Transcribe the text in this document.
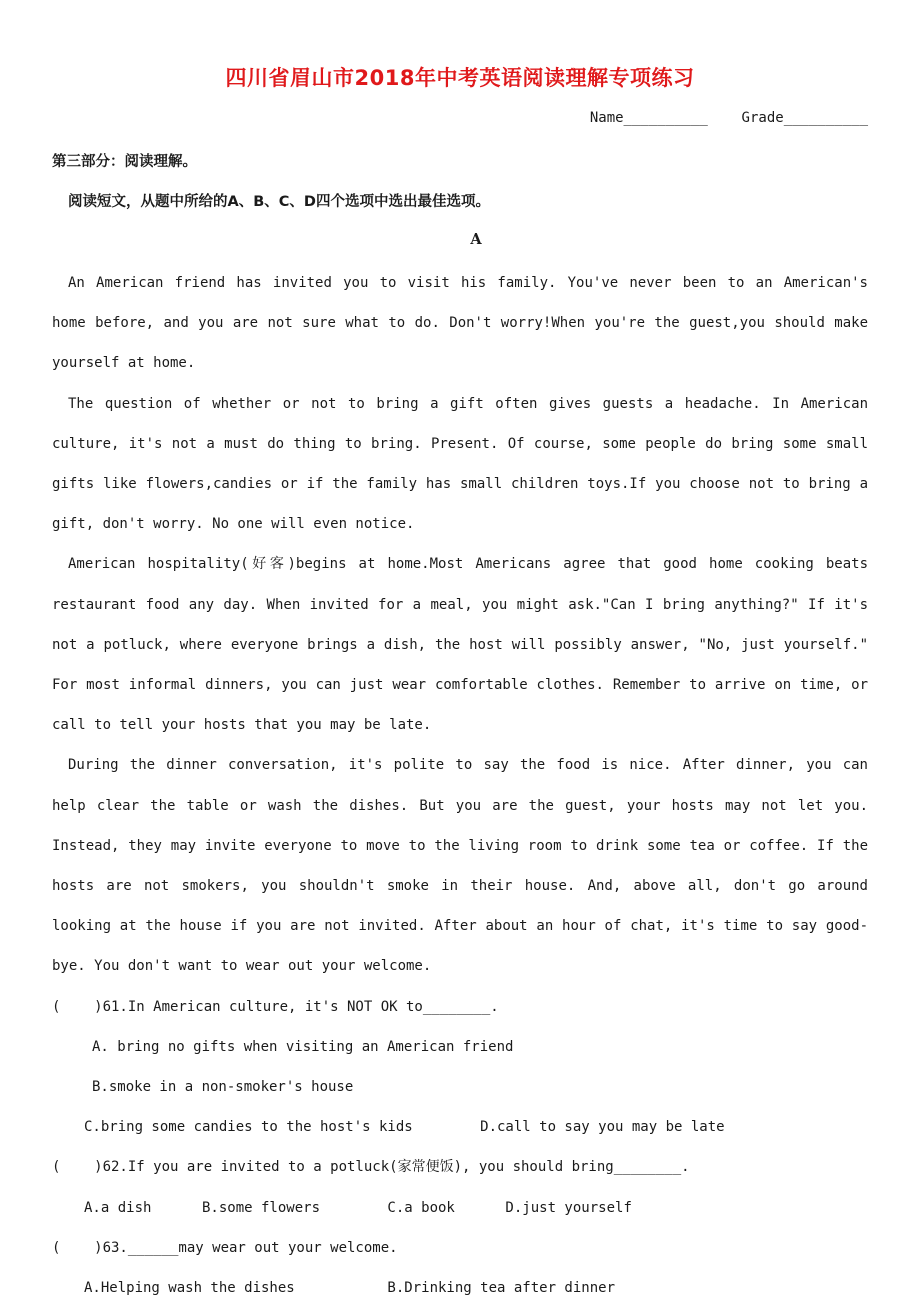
四川省眉山市2018年中考英语阅读理解专项练习
Name__________    Grade__________
第三部分：阅读理解。
阅读短文，从题中所给的A、B、C、D四个选项中选出最佳选项。
A

An American friend has invited you to visit his family. You've never been to an American's home before, and you are not sure what to do. Don't worry!When you're the guest,you should make yourself at home.

The question of whether or not to bring a gift often gives guests a headache. In American culture, it's not a must do thing to bring. Present. Of course, some people do bring some small gifts like flowers,candies or if the family has small children toys.If you choose not to bring a gift, don't worry. No one will even notice.

American hospitality(好客)begins at home.Most Americans agree that good home cooking beats restaurant food any day. When invited for a meal, you might ask."Can I bring anything?" If it's not a potluck, where everyone brings a dish, the host will possibly answer, "No, just yourself." For most informal dinners, you can just wear comfortable clothes. Remember to arrive on time, or call to tell your hosts that you may be late.

During the dinner conversation, it's polite to say the food is nice. After dinner, you can help clear the table or wash the dishes. But you are the guest, your hosts may not let you. Instead, they may invite everyone to move to the living room to drink some tea or coffee. If the hosts are not smokers, you shouldn't smoke in their house. And, above all, don't go around looking at the house if you are not invited. After about an hour of chat, it's time to say good-bye. You don't want to wear out your welcome.

(    )61.In American culture, it's NOT OK to________.

A. bring no gifts when visiting an American friend

B.smoke in a non-smoker's house

C.bring some candies to the host's kids        D.call to say you may be late

(    )62.If you are invited to a potluck(家常便饭), you should bring________.

A.a dish      B.some flowers        C.a book      D.just yourself

(    )63.______may wear out your welcome.

A.Helping wash the dishes           B.Drinking tea after dinner
